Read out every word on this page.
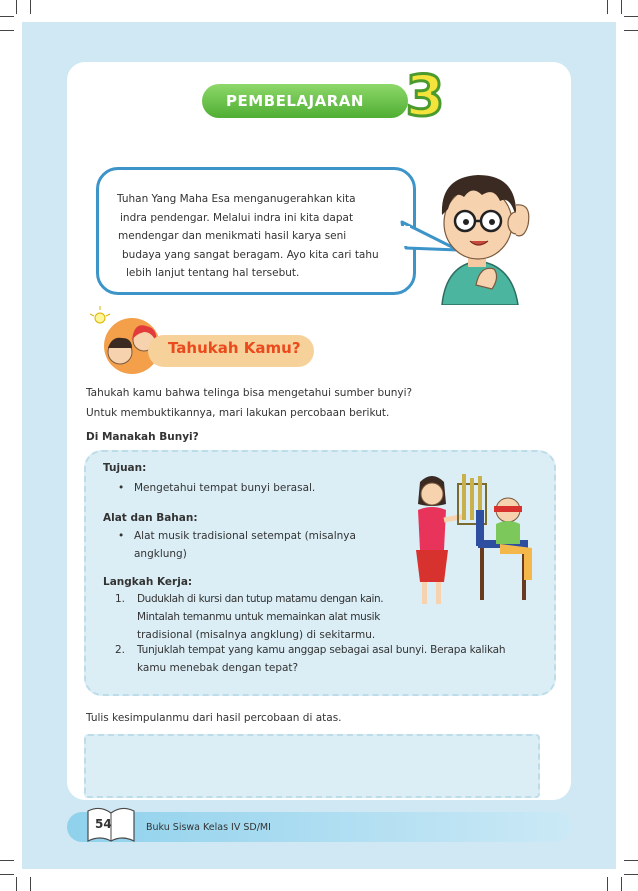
PEMBELAJARAN 3
Tuhan Yang Maha Esa menganugerahkan kita
indra pendengar. Melalui indra ini kita dapat
mendengar dan menikmati hasil karya seni
budaya yang sangat beragam. Ayo kita cari tahu
lebih lanjut tentang hal tersebut.
Tahukah Kamu?
Tahukah kamu bahwa telinga bisa mengetahui sumber bunyi?
Untuk membuktikannya, mari lakukan percobaan berikut.
Di Manakah Bunyi?
Tujuan:
• Mengetahui tempat bunyi berasal.
Alat dan Bahan:
• Alat musik tradisional setempat (misalnya
angklung)
Langkah Kerja:
1. Duduklah di kursi dan tutup matamu dengan kain.
Mintalah temanmu untuk memainkan alat musik
tradisional (misalnya angklung) di sekitarmu.
2. Tunjuklah tempat yang kamu anggap sebagai asal bunyi. Berapa kalikah
kamu menebak dengan tepat?
Tulis kesimpulanmu dari hasil percobaan di atas.
54	Buku Siswa Kelas IV SD/MI
